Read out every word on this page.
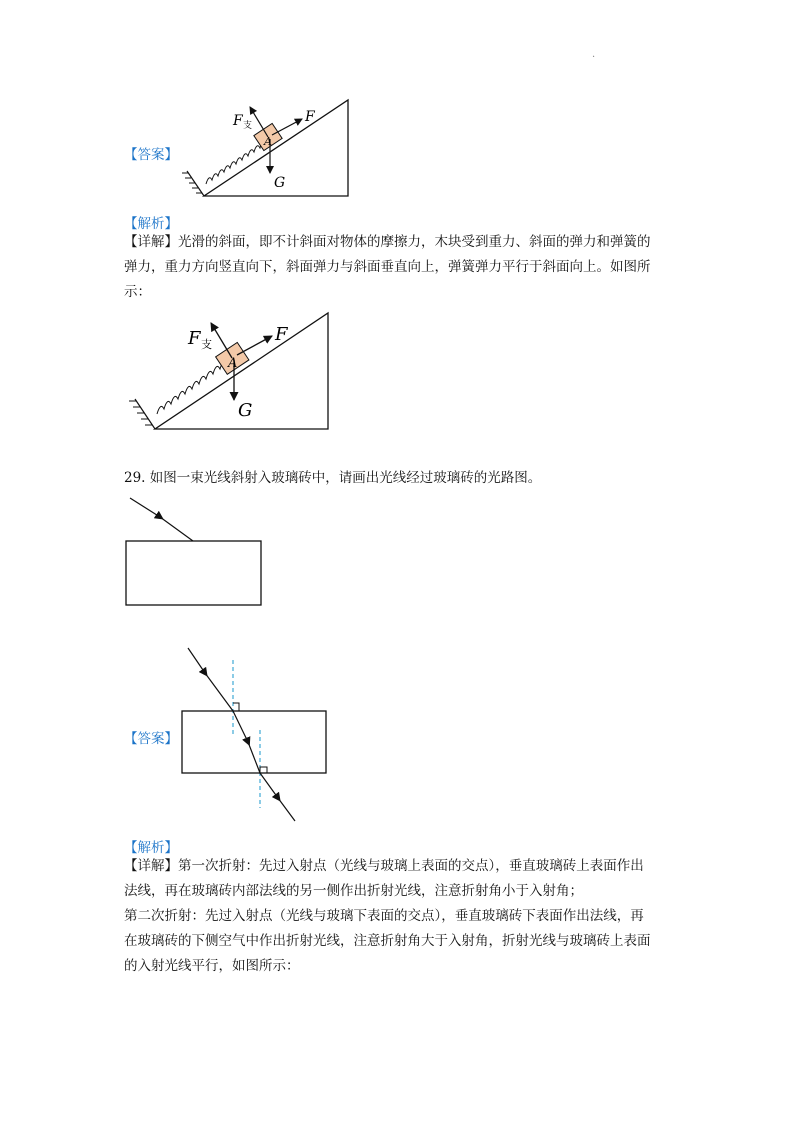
·
【答案】
F 支
F
A
G
【解析】
【详解】光滑的斜面，即不计斜面对物体的摩擦力，木块受到重力、斜面的弹力和弹簧的
弹力，重力方向竖直向下，斜面弹力与斜面垂直向上，弹簧弹力平行于斜面向上。如图所
示：
F 支	F
A
G
29. 如图一束光线斜射入玻璃砖中，请画出光线经过玻璃砖的光路图。
【答案】
【解析】
【详解】第一次折射：先过入射点（光线与玻璃上表面的交点），垂直玻璃砖上表面作出
法线，再在玻璃砖内部法线的另一侧作出折射光线，注意折射角小于入射角；
第二次折射：先过入射点（光线与玻璃下表面的交点），垂直玻璃砖下表面作出法线，再
在玻璃砖的下侧空气中作出折射光线，注意折射角大于入射角，折射光线与玻璃砖上表面
的入射光线平行，如图所示：
